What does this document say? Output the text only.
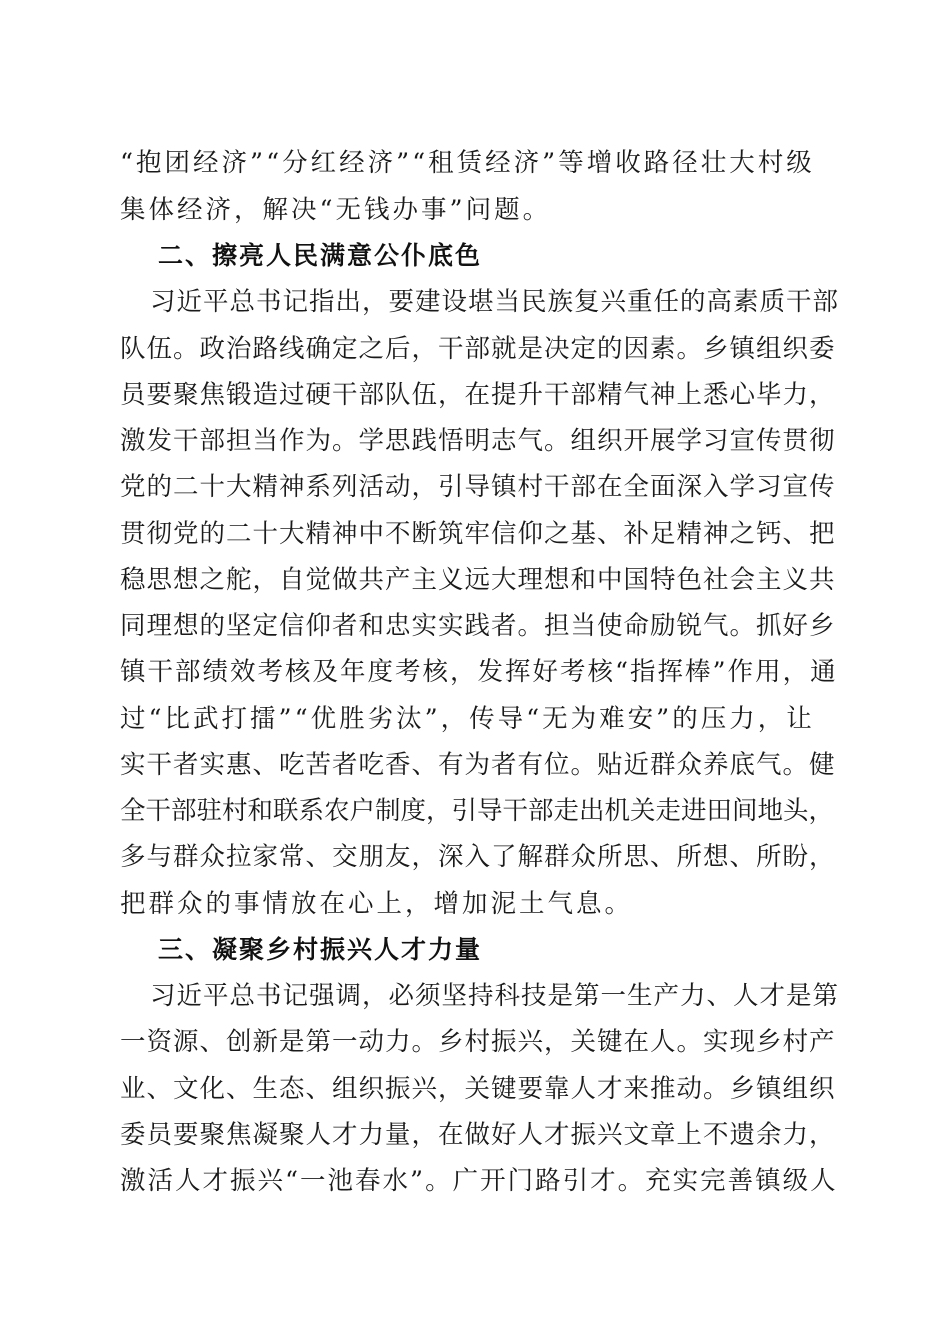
“抱团经济”“分红经济”“租赁经济”等增收路径壮大村级
集体经济，解决“无钱办事”问题。
二、擦亮人民满意公仆底色
习近平总书记指出，要建设堪当民族复兴重任的高素质干部
队伍。政治路线确定之后，干部就是决定的因素。乡镇组织委
员要聚焦锻造过硬干部队伍，在提升干部精气神上悉心毕力，
激发干部担当作为。学思践悟明志气。组织开展学习宣传贯彻
党的二十大精神系列活动，引导镇村干部在全面深入学习宣传
贯彻党的二十大精神中不断筑牢信仰之基、补足精神之钙、把
稳思想之舵，自觉做共产主义远大理想和中国特色社会主义共
同理想的坚定信仰者和忠实实践者。担当使命励锐气。抓好乡
镇干部绩效考核及年度考核，发挥好考核“指挥棒”作用，通
过“比武打擂”“优胜劣汰”，传导“无为难安”的压力，让
实干者实惠、吃苦者吃香、有为者有位。贴近群众养底气。健
全干部驻村和联系农户制度，引导干部走出机关走进田间地头，
多与群众拉家常、交朋友，深入了解群众所思、所想、所盼，
把群众的事情放在心上，增加泥土气息。
三、凝聚乡村振兴人才力量
习近平总书记强调，必须坚持科技是第一生产力、人才是第
一资源、创新是第一动力。乡村振兴，关键在人。实现乡村产
业、文化、生态、组织振兴，关键要靠人才来推动。乡镇组织
委员要聚焦凝聚人才力量，在做好人才振兴文章上不遗余力，
激活人才振兴“一池春水”。广开门路引才。充实完善镇级人
